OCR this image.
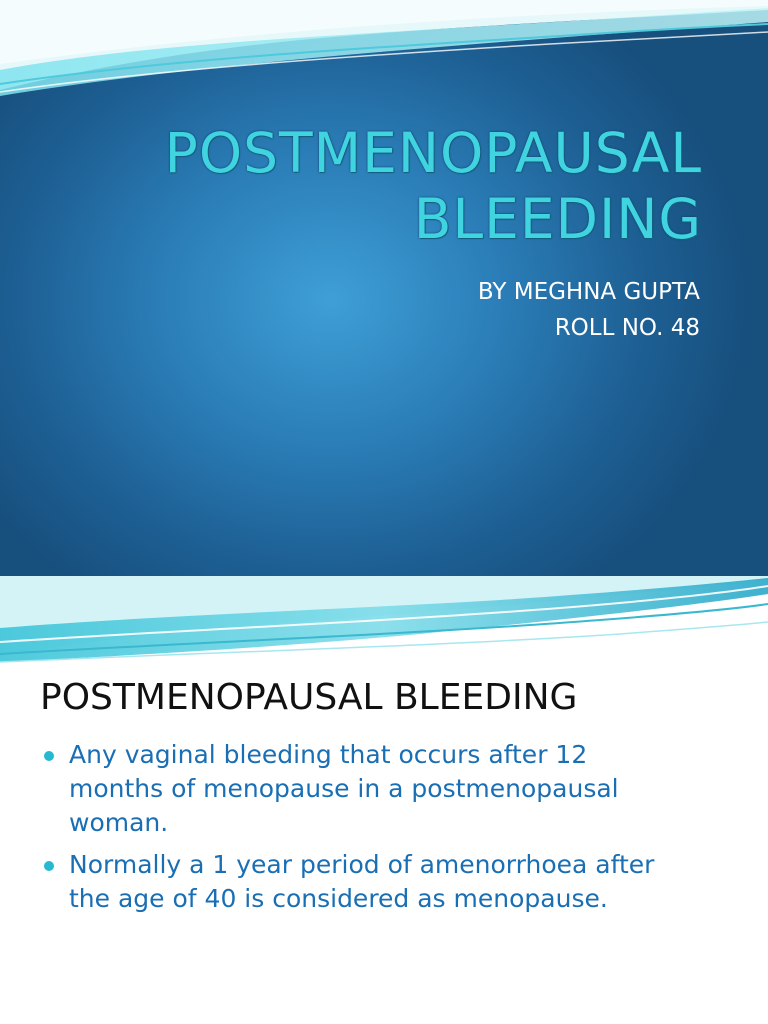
POSTMENOPAUSAL
BLEEDING
BY MEGHNA GUPTA
ROLL NO. 48
POSTMENOPAUSAL BLEEDING
Any vaginal bleeding that occurs after 12
months of menopause in a postmenopausal
woman.
Normally a 1 year period of amenorrhoea after
the age of 40 is considered as menopause.
